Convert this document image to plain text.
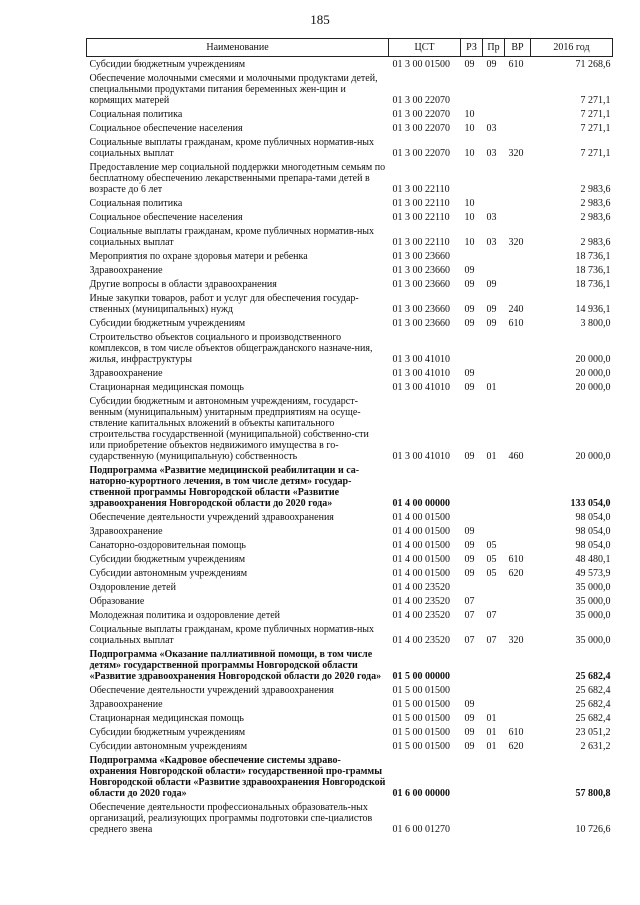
185
Наименование	ЦСТ	РЗ	Пр	ВР	2016 год
Субсидии бюджетным учреждениям	01 3 00 01500	09	09	610	71 268,6
Обеспечение молочными смесями и молочными продуктами детей, специальными продуктами питания беременных жен-щин и кормящих матерей	01 3 00 22070				7 271,1
Социальная политика	01 3 00 22070	10			7 271,1
Социальное обеспечение населения	01 3 00 22070	10	03		7 271,1
Социальные выплаты гражданам, кроме публичных норматив-ных социальных выплат	01 3 00 22070	10	03	320	7 271,1
Предоставление мер социальной поддержки многодетным семьям по бесплатному обеспечению лекарственными препара-тами детей в возрасте до 6 лет	01 3 00 22110				2 983,6
Социальная политика	01 3 00 22110	10			2 983,6
Социальное обеспечение населения	01 3 00 22110	10	03		2 983,6
Социальные выплаты гражданам, кроме публичных норматив-ных социальных выплат	01 3 00 22110	10	03	320	2 983,6
Мероприятия по охране здоровья матери и ребенка	01 3 00 23660				18 736,1
Здравоохранение	01 3 00 23660	09			18 736,1
Другие вопросы в области здравоохранения	01 3 00 23660	09	09		18 736,1
Иные закупки товаров, работ и услуг для обеспечения государ-ственных (муниципальных) нужд	01 3 00 23660	09	09	240	14 936,1
Субсидии бюджетным учреждениям	01 3 00 23660	09	09	610	3 800,0
Строительство объектов социального и производственного комплексов, в том числе объектов общегражданского назначе-ния, жилья, инфраструктуры	01 3 00 41010				20 000,0
Здравоохранение	01 3 00 41010	09			20 000,0
Стационарная медицинская помощь	01 3 00 41010	09	01		20 000,0
Субсидии бюджетным и автономным учреждениям, государст-венным (муниципальным) унитарным предприятиям на осуще-ствление капитальных вложений в объекты капитального строительства государственной (муниципальной) собственно-сти или приобретение объектов недвижимого имущества в го-сударственную (муниципальную) собственность	01 3 00 41010	09	01	460	20 000,0
Подпрограмма «Развитие медицинской реабилитации и са-наторно-курортного лечения, в том числе детям» государ-ственной программы Новгородской области «Развитие здравоохранения Новгородской области до 2020 года»	01 4 00 00000				133 054,0
Обеспечение деятельности учреждений здравоохранения	01 4 00 01500				98 054,0
Здравоохранение	01 4 00 01500	09			98 054,0
Санаторно-оздоровительная помощь	01 4 00 01500	09	05		98 054,0
Субсидии бюджетным учреждениям	01 4 00 01500	09	05	610	48 480,1
Субсидии автономным учреждениям	01 4 00 01500	09	05	620	49 573,9
Оздоровление детей	01 4 00 23520				35 000,0
Образование	01 4 00 23520	07			35 000,0
Молодежная политика и оздоровление детей	01 4 00 23520	07	07		35 000,0
Социальные выплаты гражданам, кроме публичных норматив-ных социальных выплат	01 4 00 23520	07	07	320	35 000,0
Подпрограмма «Оказание паллиативной помощи, в том числе детям» государственной программы Новгородской области «Развитие здравоохранения Новгородской области до 2020 года»	01 5 00 00000				25 682,4
Обеспечение деятельности учреждений здравоохранения	01 5 00 01500				25 682,4
Здравоохранение	01 5 00 01500	09			25 682,4
Стационарная медицинская помощь	01 5 00 01500	09	01		25 682,4
Субсидии бюджетным учреждениям	01 5 00 01500	09	01	610	23 051,2
Субсидии автономным учреждениям	01 5 00 01500	09	01	620	2 631,2
Подпрограмма «Кадровое обеспечение системы здраво-охранения Новгородской области» государственной про-граммы Новгородской области «Развитие здравоохранения Новгородской области до 2020 года»	01 6 00 00000				57 800,8
Обеспечение деятельности профессиональных образователь-ных организаций, реализующих программы подготовки спе-циалистов среднего звена	01 6 00 01270				10 726,6
